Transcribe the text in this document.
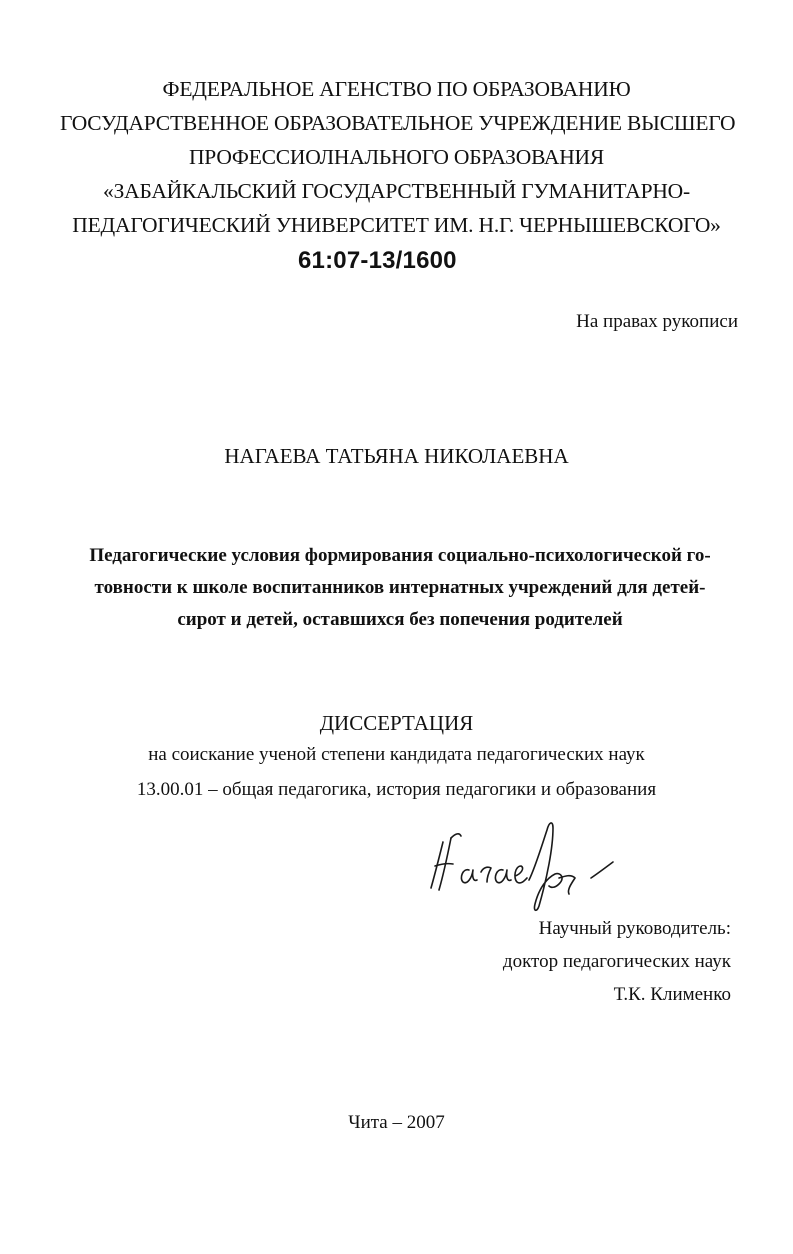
ФЕДЕРАЛЬНОЕ АГЕНСТВО ПО ОБРАЗОВАНИЮ
ГОСУДАРСТВЕННОЕ ОБРАЗОВАТЕЛЬНОЕ УЧРЕЖДЕНИЕ ВЫСШЕГО
ПРОФЕССИОЛНАЛЬНОГО ОБРАЗОВАНИЯ
«ЗАБАЙКАЛЬСКИЙ ГОСУДАРСТВЕННЫЙ ГУМАНИТАРНО-
ПЕДАГОГИЧЕСКИЙ УНИВЕРСИТЕТ ИМ. Н.Г. ЧЕРНЫШЕВСКОГО»
61:07-13/1600
На правах рукописи
НАГАЕВА ТАТЬЯНА НИКОЛАЕВНА
Педагогические условия формирования социально-психологической го-
товности к школе воспитанников интернатных учреждений для детей-
сирот и детей, оставшихся без попечения родителей
ДИССЕРТАЦИЯ
на соискание ученой степени кандидата педагогических наук
13.00.01 – общая педагогика, история педагогики и образования
Научный руководитель:
доктор педагогических наук
Т.К. Клименко
Чита – 2007
